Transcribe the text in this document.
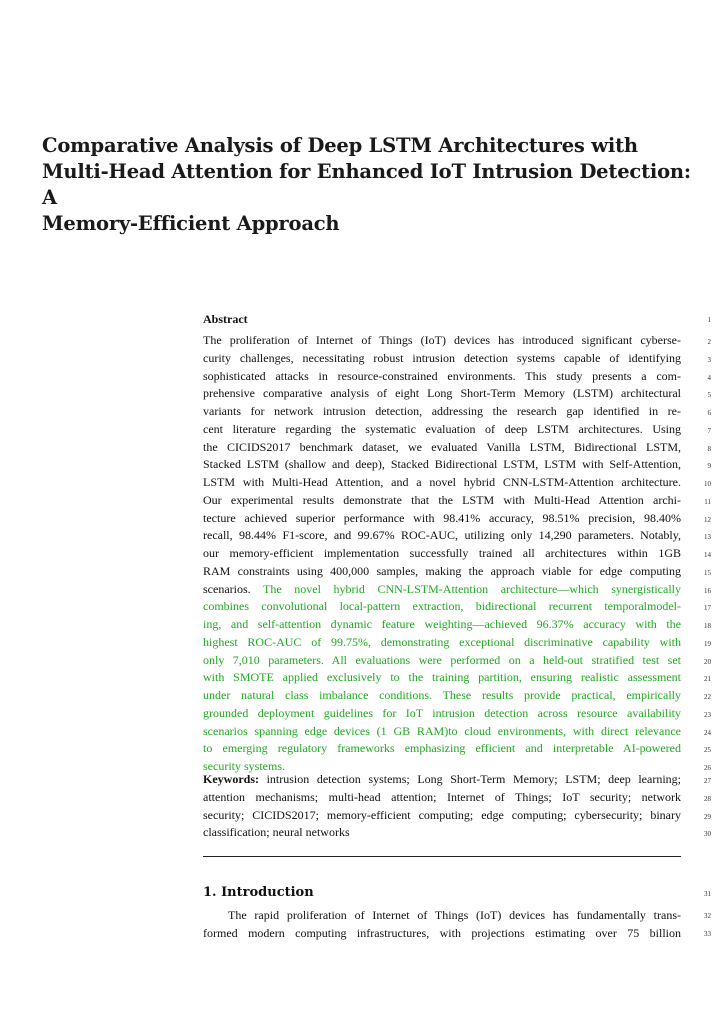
Comparative Analysis of Deep LSTM Architectures with
Multi-Head Attention for Enhanced IoT Intrusion Detection: A
Memory-Efficient Approach
Abstract
The proliferation of Internet of Things (IoT) devices has introduced significant cyberse-
curity challenges, necessitating robust intrusion detection systems capable of identifying
sophisticated attacks in resource-constrained environments. This study presents a com-
prehensive comparative analysis of eight Long Short-Term Memory (LSTM) architectural
variants for network intrusion detection, addressing the research gap identified in re-
cent literature regarding the systematic evaluation of deep LSTM architectures. Using
the CICIDS2017 benchmark dataset, we evaluated Vanilla LSTM, Bidirectional LSTM,
Stacked LSTM (shallow and deep), Stacked Bidirectional LSTM, LSTM with Self-Attention,
LSTM with Multi-Head Attention, and a novel hybrid CNN-LSTM-Attention architecture.
Our experimental results demonstrate that the LSTM with Multi-Head Attention archi-
tecture achieved superior performance with 98.41% accuracy, 98.51% precision, 98.40%
recall, 98.44% F1-score, and 99.67% ROC-AUC, utilizing only 14,290 parameters. Notably,
our memory-efficient implementation successfully trained all architectures within 1GB
RAM constraints using 400,000 samples, making the approach viable for edge computing
scenarios. The novel hybrid CNN-LSTM-Attention architecture—which synergistically
combines convolutional local-pattern extraction, bidirectional recurrent temporalmodel-
ing, and self-attention dynamic feature weighting—achieved 96.37% accuracy with the
highest ROC-AUC of 99.75%, demonstrating exceptional discriminative capability with
only 7,010 parameters. All evaluations were performed on a held-out stratified test set
with SMOTE applied exclusively to the training partition, ensuring realistic assessment
under natural class imbalance conditions. These results provide practical, empirically
grounded deployment guidelines for IoT intrusion detection across resource availability
scenarios spanning edge devices (1 GB RAM)to cloud environments, with direct relevance
to emerging regulatory frameworks emphasizing efficient and interpretable AI-powered
security systems.
Keywords: intrusion detection systems; Long Short-Term Memory; LSTM; deep learning;
attention mechanisms; multi-head attention; Internet of Things; IoT security; network
security; CICIDS2017; memory-efficient computing; edge computing; cybersecurity; binary
classification; neural networks
1. Introduction
The rapid proliferation of Internet of Things (IoT) devices has fundamentally trans-
formed modern computing infrastructures, with projections estimating over 75 billion
1
2
3
4
5
6
7
8
9
10
11
12
13
14
15
16
17
18
19
20
21
22
23
24
25
26
27
28
29
30
31
32
33
